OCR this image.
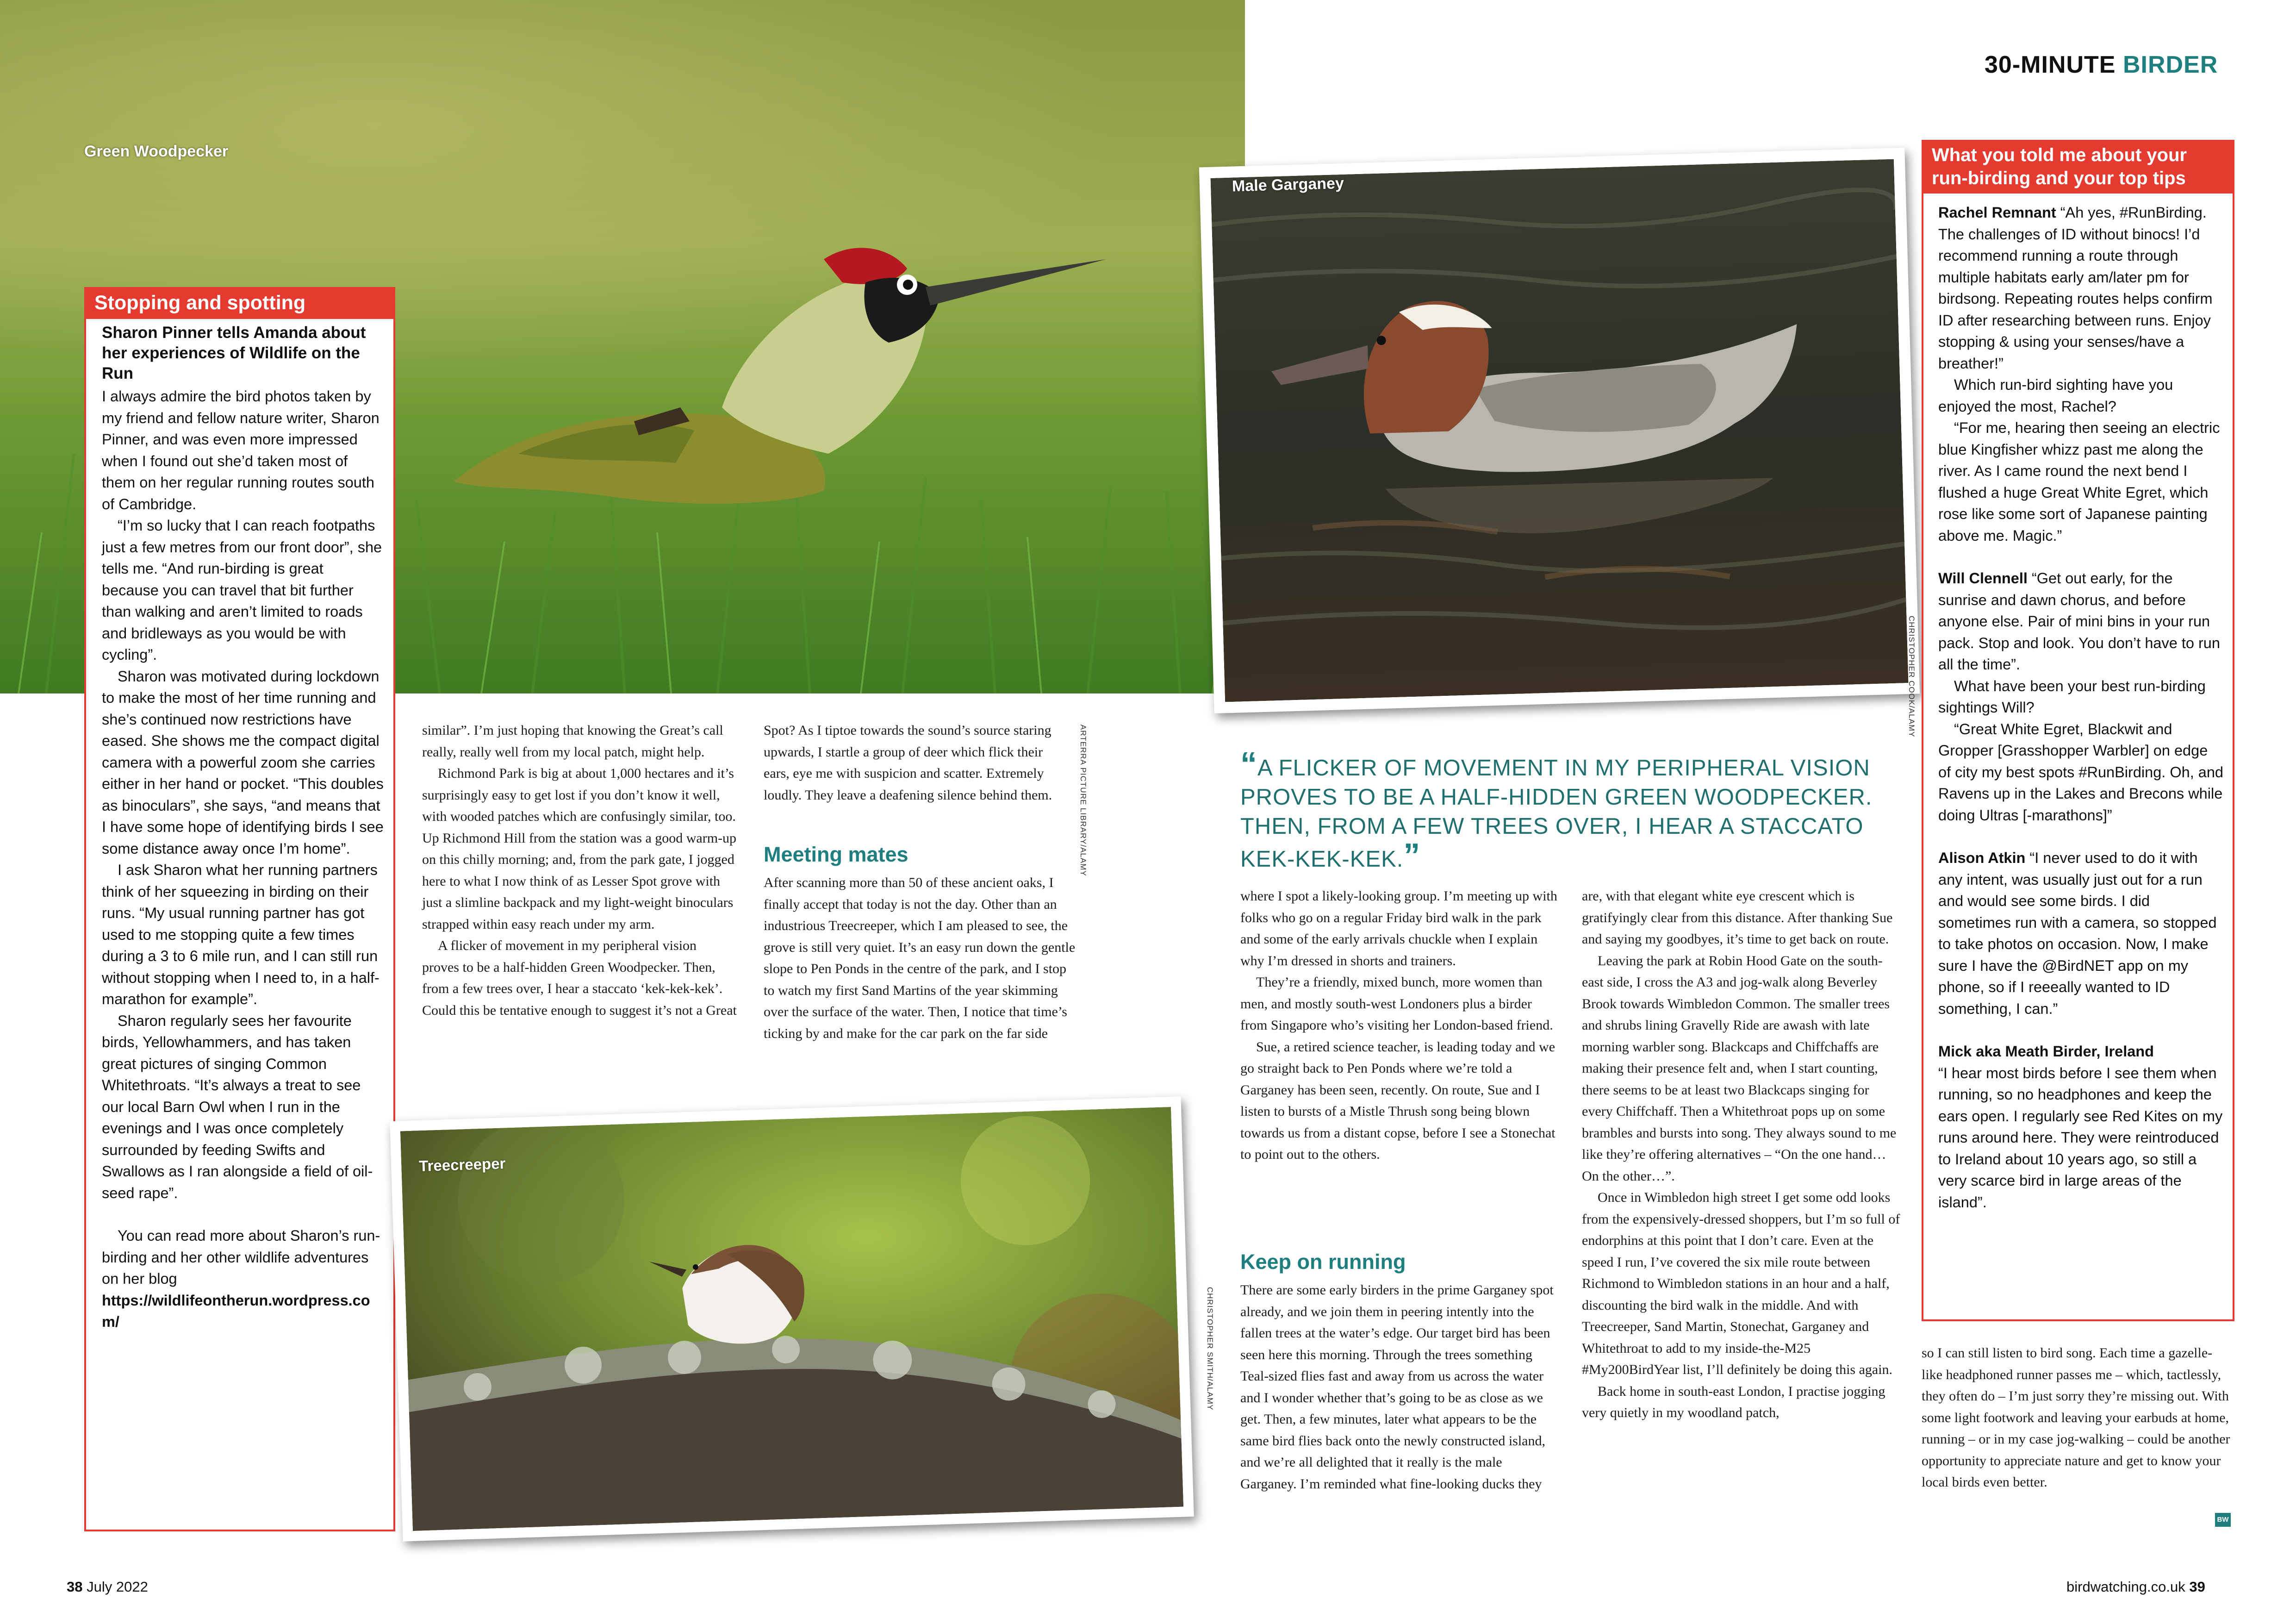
Green Woodpecker
ARTERRA PICTURE LIBRARY/ALAMY
30-MINUTE BIRDER
Male Garganey
CHRISTOPHER COOK/ALAMY
Stopping and spotting

Sharon Pinner tells Amanda about her experiences of Wildlife on the Run

I always admire the bird photos taken by my friend and fellow nature writer, Sharon Pinner, and was even more impressed when I found out she’d taken most of them on her regular running routes south of Cambridge.

“I’m so lucky that I can reach footpaths just a few metres from our front door”, she tells me. “And run-birding is great because you can travel that bit further than walking and aren’t limited to roads and bridleways as you would be with cycling”.

Sharon was motivated during lockdown to make the most of her time running and she’s continued now restrictions have eased. She shows me the compact digital camera with a powerful zoom she carries either in her hand or pocket. “This doubles as binoculars”, she says, “and means that I have some hope of identifying birds I see some distance away once I’m home”.

I ask Sharon what her running partners think of her squeezing in birding on their runs. “My usual running partner has got used to me stopping quite a few times during a 3 to 6 mile run, and I can still run without stopping when I need to, in a half-marathon for example”.

Sharon regularly sees her favourite birds, Yellowhammers, and has taken great pictures of singing Common Whitethroats. “It’s always a treat to see our local Barn Owl when I run in the evenings and I was once completely surrounded by feeding Swifts and Swallows as I ran alongside a field of oil-seed rape”.

You can read more about Sharon’s run-birding and her other wildlife adventures on her blog

https://wildlifeontherun.wordpress.com/

What you told me about your run-birding and your top tips

Rachel Remnant “Ah yes, #RunBirding. The challenges of ID without binocs! I’d recommend running a route through multiple habitats early am/later pm for birdsong. Repeating routes helps confirm ID after researching between runs. Enjoy stopping & using your senses/have a breather!”

Which run-bird sighting have you enjoyed the most, Rachel?

“For me, hearing then seeing an electric blue Kingfisher whizz past me along the river. As I came round the next bend I flushed a huge Great White Egret, which rose like some sort of Japanese painting above me. Magic.”

Will Clennell “Get out early, for the sunrise and dawn chorus, and before anyone else. Pair of mini bins in your run pack. Stop and look. You don’t have to run all the time”.

What have been your best run-birding sightings Will?

“Great White Egret, Blackwit and Gropper [Grasshopper Warbler] on edge of city my best spots #RunBirding. Oh, and Ravens up in the Lakes and Brecons while doing Ultras [-marathons]”

Alison Atkin “I never used to do it with any intent, was usually just out for a run and would see some birds. I did sometimes run with a camera, so stopped to take photos on occasion. Now, I make sure I have the @BirdNET app on my phone, so if I reeeally wanted to ID something, I can.”

Mick aka Meath Birder, Ireland

“I hear most birds before I see them when running, so no headphones and keep the ears open. I regularly see Red Kites on my runs around here. They were reintroduced to Ireland about 10 years ago, so still a very scarce bird in large areas of the island”.

similar”. I’m just hoping that knowing the Great’s call really, really well from my local patch, might help.

Richmond Park is big at about 1,000 hectares and it’s surprisingly easy to get lost if you don’t know it well, with wooded patches which are confusingly similar, too. Up Richmond Hill from the station was a good warm-up on this chilly morning; and, from the park gate, I jogged here to what I now think of as Lesser Spot grove with just a slimline backpack and my light-weight binoculars strapped within easy reach under my arm.

A flicker of movement in my peripheral vision proves to be a half-hidden Green Woodpecker. Then, from a few trees over, I hear a staccato ‘kek-kek-kek’. Could this be tentative enough to suggest it’s not a Great

Spot? As I tiptoe towards the sound’s source staring upwards, I startle a group of deer which flick their ears, eye me with suspicion and scatter. Extremely loudly. They leave a deafening silence behind them.

Meeting mates

After scanning more than 50 of these ancient oaks, I finally accept that today is not the day. Other than an industrious Treecreeper, which I am pleased to see, the grove is still very quiet. It’s an easy run down the gentle slope to Pen Ponds in the centre of the park, and I stop to watch my first Sand Martins of the year skimming over the surface of the water. Then, I notice that time’s ticking by and make for the car park on the far side

Treecreeper
CHRISTOPHER SMITH/ALAMY
“A FLICKER OF MOVEMENT IN MY PERIPHERAL VISION PROVES TO BE A HALF-HIDDEN GREEN WOODPECKER. THEN, FROM A FEW TREES OVER, I HEAR A STACCATO KEK-KEK-KEK.”

where I spot a likely-looking group. I’m meeting up with folks who go on a regular Friday bird walk in the park and some of the early arrivals chuckle when I explain why I’m dressed in shorts and trainers.

They’re a friendly, mixed bunch, more women than men, and mostly south-west Londoners plus a birder from Singapore who’s visiting her London-based friend.

Sue, a retired science teacher, is leading today and we go straight back to Pen Ponds where we’re told a Garganey has been seen, recently. On route, Sue and I listen to bursts of a Mistle Thrush song being blown towards us from a distant copse, before I see a Stonechat to point out to the others.

Keep on running

There are some early birders in the prime Garganey spot already, and we join them in peering intently into the fallen trees at the water’s edge. Our target bird has been seen here this morning. Through the trees something Teal-sized flies fast and away from us across the water and I wonder whether that’s going to be as close as we get. Then, a few minutes, later what appears to be the same bird flies back onto the newly constructed island, and we’re all delighted that it really is the male Garganey. I’m reminded what fine-looking ducks they

are, with that elegant white eye crescent which is gratifyingly clear from this distance. After thanking Sue and saying my goodbyes, it’s time to get back on route.

Leaving the park at Robin Hood Gate on the south-east side, I cross the A3 and jog-walk along Beverley Brook towards Wimbledon Common. The smaller trees and shrubs lining Gravelly Ride are awash with late morning warbler song. Blackcaps and Chiffchaffs are making their presence felt and, when I start counting, there seems to be at least two Blackcaps singing for every Chiffchaff. Then a Whitethroat pops up on some brambles and bursts into song. They always sound to me like they’re offering alternatives – “On the one hand… On the other…”.

Once in Wimbledon high street I get some odd looks from the expensively-dressed shoppers, but I’m so full of endorphins at this point that I don’t care. Even at the speed I run, I’ve covered the six mile route between Richmond to Wimbledon stations in an hour and a half, discounting the bird walk in the middle. And with Treecreeper, Sand Martin, Stonechat, Garganey and Whitethroat to add to my inside-the-M25 #My200BirdYear list, I’ll definitely be doing this again.

Back home in south-east London, I practise jogging very quietly in my woodland patch,

so I can still listen to bird song. Each time a gazelle-like headphoned runner passes me – which, tactlessly, they often do – I’m just sorry they’re missing out. With some light footwork and leaving your earbuds at home, running – or in my case jog-walking – could be another opportunity to appreciate nature and get to know your local birds even better.

BW
38 July 2022	birdwatching.co.uk 39
